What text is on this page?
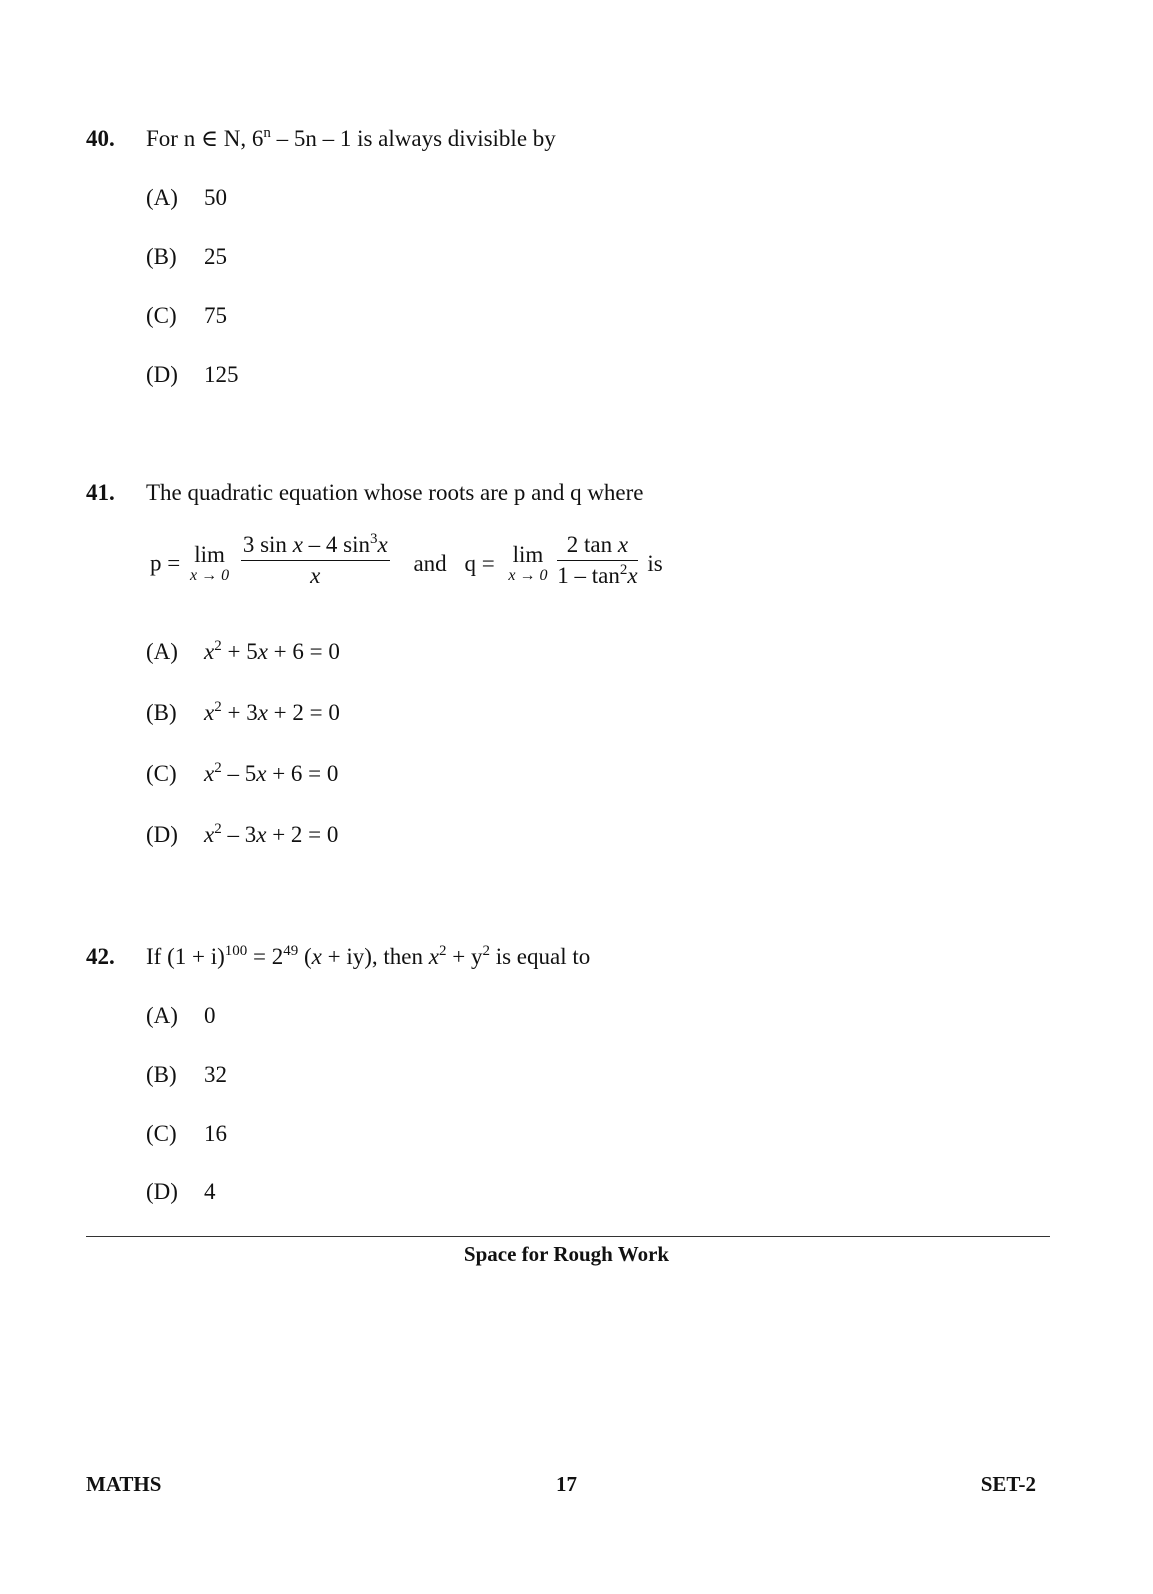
40. For n ∈ N, 6$^n$ – 5n – 1 is always divisible by
(A) 50
(B) 25
(C) 75
(D) 125
41. The quadratic equation whose roots are p and q where
p = lim
x → 0
$\frac{3 \sin x - 4 \sin^3x}{x}$ and q = lim
x → 0
$\frac{\text{2 tan x}}{1 - \tan^2x}$ is
(A) $x^2 + 5x + 6 = 0$
(B) $x^2 + 3x + 2 = 0$
(C) $x^2 - 5x + 6 = 0$
(D) $x^2 - 3x + 2 = 0$
42. If $(1 + i)^{100} = 2^{49}$ (x + iy), then $x^2 + y^2$ is equal to
(A) 0
(B) 32
(C) 16
(D) 4
Space for Rough Work
MATHS	17	SET-2
